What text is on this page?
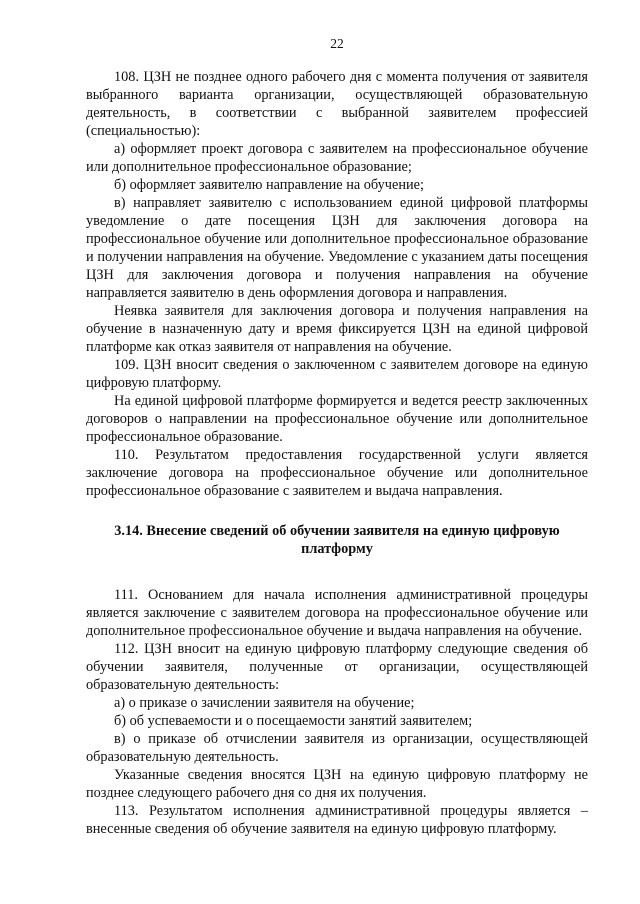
22

108. ЦЗН не позднее одного рабочего дня с момента получения от заявителя выбранного варианта организации, осуществляющей образовательную деятельность, в соответствии с выбранной заявителем профессией (специальностью):

а) оформляет проект договора с заявителем на профессиональное обучение или дополнительное профессиональное образование;

б) оформляет заявителю направление на обучение;

в) направляет заявителю с использованием единой цифровой платформы уведомление о дате посещения ЦЗН для заключения договора на профессиональное обучение или дополнительное профессиональное образование и получении направления на обучение. Уведомление с указанием даты посещения ЦЗН для заключения договора и получения направления на обучение направляется заявителю в день оформления договора и направления.

Неявка заявителя для заключения договора и получения направления на обучение в назначенную дату и время фиксируется ЦЗН на единой цифровой платформе как отказ заявителя от направления на обучение.

109. ЦЗН вносит сведения о заключенном с заявителем договоре на единую цифровую платформу.

На единой цифровой платформе формируется и ведется реестр заключенных договоров о направлении на профессиональное обучение или дополнительное профессиональное образование.

110. Результатом предоставления государственной услуги является заключение договора на профессиональное обучение или дополнительное профессиональное образование с заявителем и выдача направления.

3.14. Внесение сведений об обучении заявителя на единую цифровую платформу

111. Основанием для начала исполнения административной процедуры является заключение с заявителем договора на профессиональное обучение или дополнительное профессиональное обучение и выдача направления на обучение.

112. ЦЗН вносит на единую цифровую платформу следующие сведения об обучении заявителя, полученные от организации, осуществляющей образовательную деятельность:

а) о приказе о зачислении заявителя на обучение;

б) об успеваемости и о посещаемости занятий заявителем;

в) о приказе об отчислении заявителя из организации, осуществляющей образовательную деятельность.

Указанные сведения вносятся ЦЗН на единую цифровую платформу не позднее следующего рабочего дня со дня их получения.

113. Результатом исполнения административной процедуры является – внесенные сведения об обучение заявителя на единую цифровую платформу.
